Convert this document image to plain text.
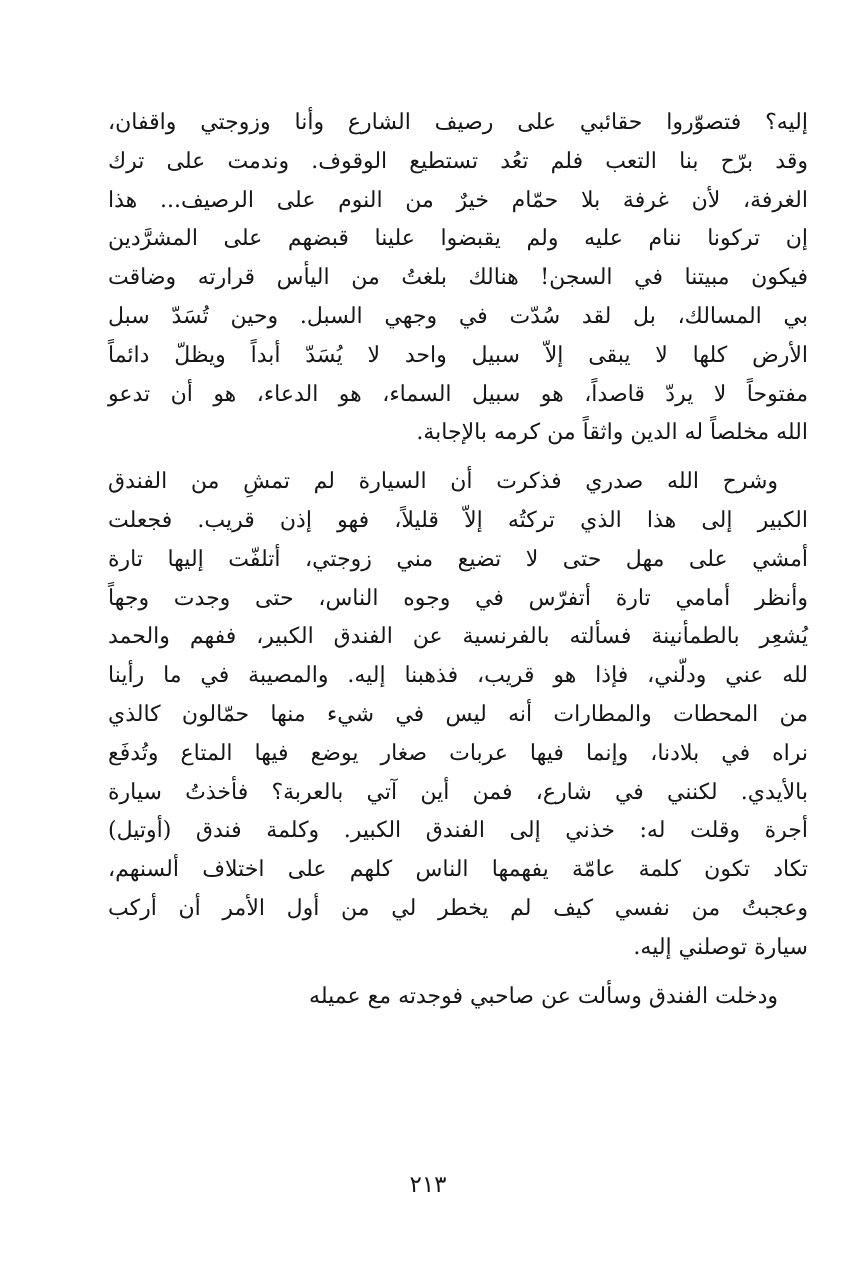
إليه؟ فتصوّروا حقائبي على رصيف الشارع وأنا وزوجتي واقفان،
وقد برّح بنا التعب فلم تعُد تستطيع الوقوف. وندمت على ترك
الغرفة، لأن غرفة بلا حمّام خيرٌ من النوم على الرصيف... هذا
إن تركونا ننام عليه ولم يقبضوا علينا قبضهم على المشرَّدين
فيكون مبيتنا في السجن! هنالك بلغتُ من اليأس قرارته وضاقت
بي المسالك، بل لقد سُدّت في وجهي السبل. وحين تُسَدّ سبل
الأرض كلها لا يبقى إلاّ سبيل واحد لا يُسَدّ أبداً ويظلّ دائماً
مفتوحاً لا يردّ قاصداً، هو سبيل السماء، هو الدعاء، هو أن تدعو
الله مخلصاً له الدين واثقاً من كرمه بالإجابة.
وشرح الله صدري فذكرت أن السيارة لم تمشِ من الفندق
الكبير إلى هذا الذي تركتُه إلاّ قليلاً، فهو إذن قريب. فجعلت
أمشي على مهل حتى لا تضيع مني زوجتي، أتلفّت إليها تارة
وأنظر أمامي تارة أتفرّس في وجوه الناس، حتى وجدت وجهاً
يُشعِر بالطمأنينة فسألته بالفرنسية عن الفندق الكبير، ففهم والحمد
لله عني ودلّني، فإذا هو قريب، فذهبنا إليه. والمصيبة في ما رأينا
من المحطات والمطارات أنه ليس في شيء منها حمّالون كالذي
نراه في بلادنا، وإنما فيها عربات صغار يوضع فيها المتاع وتُدفَع
بالأيدي. لكنني في شارع، فمن أين آتي بالعربة؟ فأخذتُ سيارة
أجرة وقلت له: خذني إلى الفندق الكبير. وكلمة فندق (أوتيل)
تكاد تكون كلمة عامّة يفهمها الناس كلهم على اختلاف ألسنهم،
وعجبتُ من نفسي كيف لم يخطر لي من أول الأمر أن أركب
سيارة توصلني إليه.
ودخلت الفندق وسألت عن صاحبي فوجدته مع عميله
٢١٣
